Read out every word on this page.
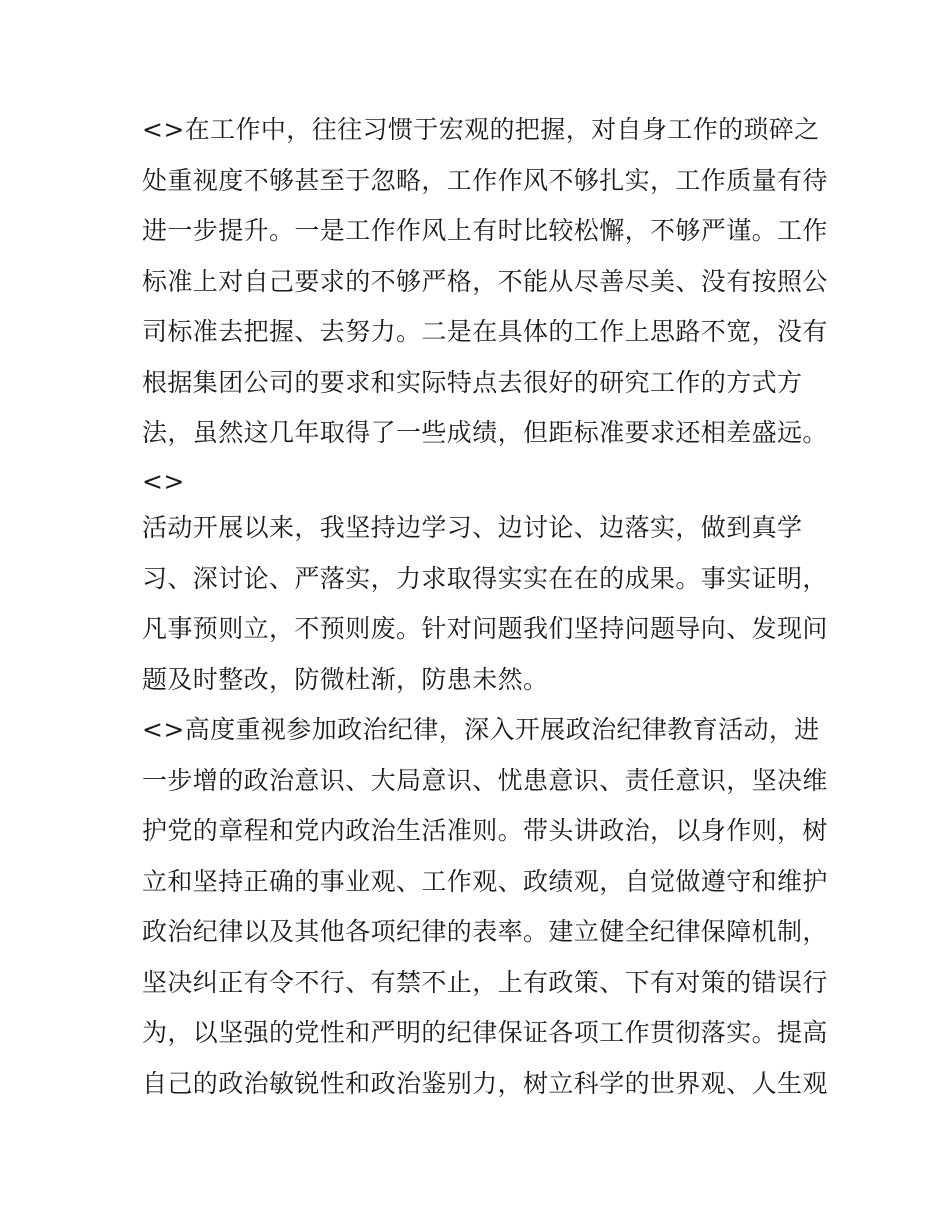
<>在工作中，往往习惯于宏观的把握，对自身工作的琐碎之
处重视度不够甚至于忽略，工作作风不够扎实，工作质量有待
进一步提升。一是工作作风上有时比较松懈，不够严谨。工作
标准上对自己要求的不够严格，不能从尽善尽美、没有按照公
司标准去把握、去努力。二是在具体的工作上思路不宽，没有
根据集团公司的要求和实际特点去很好的研究工作的方式方
法，虽然这几年取得了一些成绩，但距标准要求还相差盛远。
<>
活动开展以来，我坚持边学习、边讨论、边落实，做到真学
习、深讨论、严落实，力求取得实实在在的成果。事实证明，
凡事预则立，不预则废。针对问题我们坚持问题导向、发现问
题及时整改，防微杜渐，防患未然。
<>高度重视参加政治纪律，深入开展政治纪律教育活动，进
一步增的政治意识、大局意识、忧患意识、责任意识，坚决维
护党的章程和党内政治生活准则。带头讲政治，以身作则，树
立和坚持正确的事业观、工作观、政绩观，自觉做遵守和维护
政治纪律以及其他各项纪律的表率。建立健全纪律保障机制，
坚决纠正有令不行、有禁不止，上有政策、下有对策的错误行
为，以坚强的党性和严明的纪律保证各项工作贯彻落实。提高
自己的政治敏锐性和政治鉴别力，树立科学的世界观、人生观
